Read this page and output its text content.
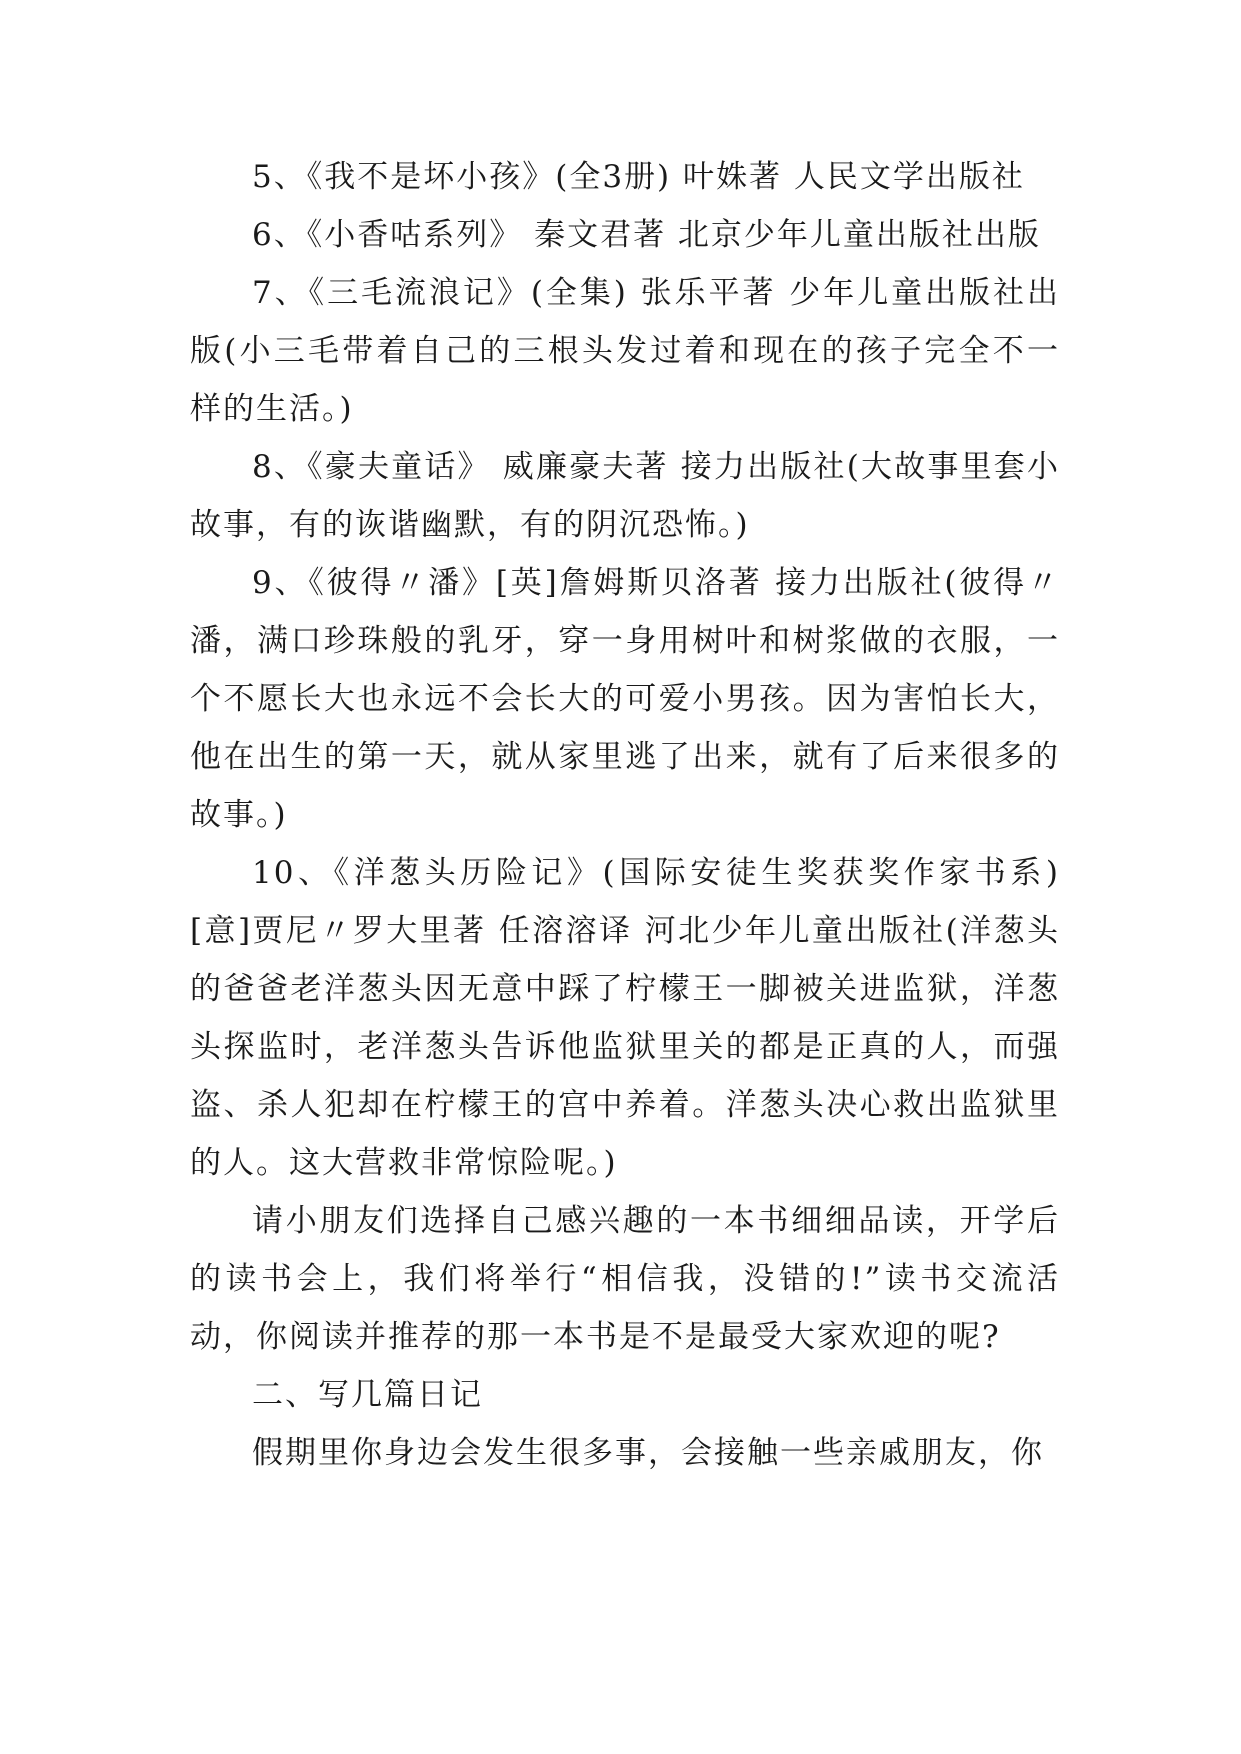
5、《我不是坏小孩》(全3册) 叶姝著 人民文学出版社

6、《小香咕系列》 秦文君著 北京少年儿童出版社出版

7、《三毛流浪记》(全集) 张乐平著 少年儿童出版社出版(小三毛带着自己的三根头发过着和现在的孩子完全不一样的生活。)

8、《豪夫童话》 威廉豪夫著 接力出版社(大故事里套小故事，有的诙谐幽默，有的阴沉恐怖。)

9、《彼得〃潘》[英]詹姆斯贝洛著 接力出版社(彼得〃潘，满口珍珠般的乳牙，穿一身用树叶和树浆做的衣服，一个不愿长大也永远不会长大的可爱小男孩。因为害怕长大，他在出生的第一天，就从家里逃了出来，就有了后来很多的故事。)

10、《洋葱头历险记》(国际安徒生奖获奖作家书系) [意]贾尼〃罗大里著 任溶溶译 河北少年儿童出版社(洋葱头的爸爸老洋葱头因无意中踩了柠檬王一脚被关进监狱，洋葱头探监时，老洋葱头告诉他监狱里关的都是正真的人，而强盗、杀人犯却在柠檬王的宫中养着。洋葱头决心救出监狱里的人。这大营救非常惊险呢。)

请小朋友们选择自己感兴趣的一本书细细品读，开学后的读书会上，我们将举行“相信我，没错的!”读书交流活动，你阅读并推荐的那一本书是不是最受大家欢迎的呢?

二、写几篇日记

假期里你身边会发生很多事，会接触一些亲戚朋友，你
